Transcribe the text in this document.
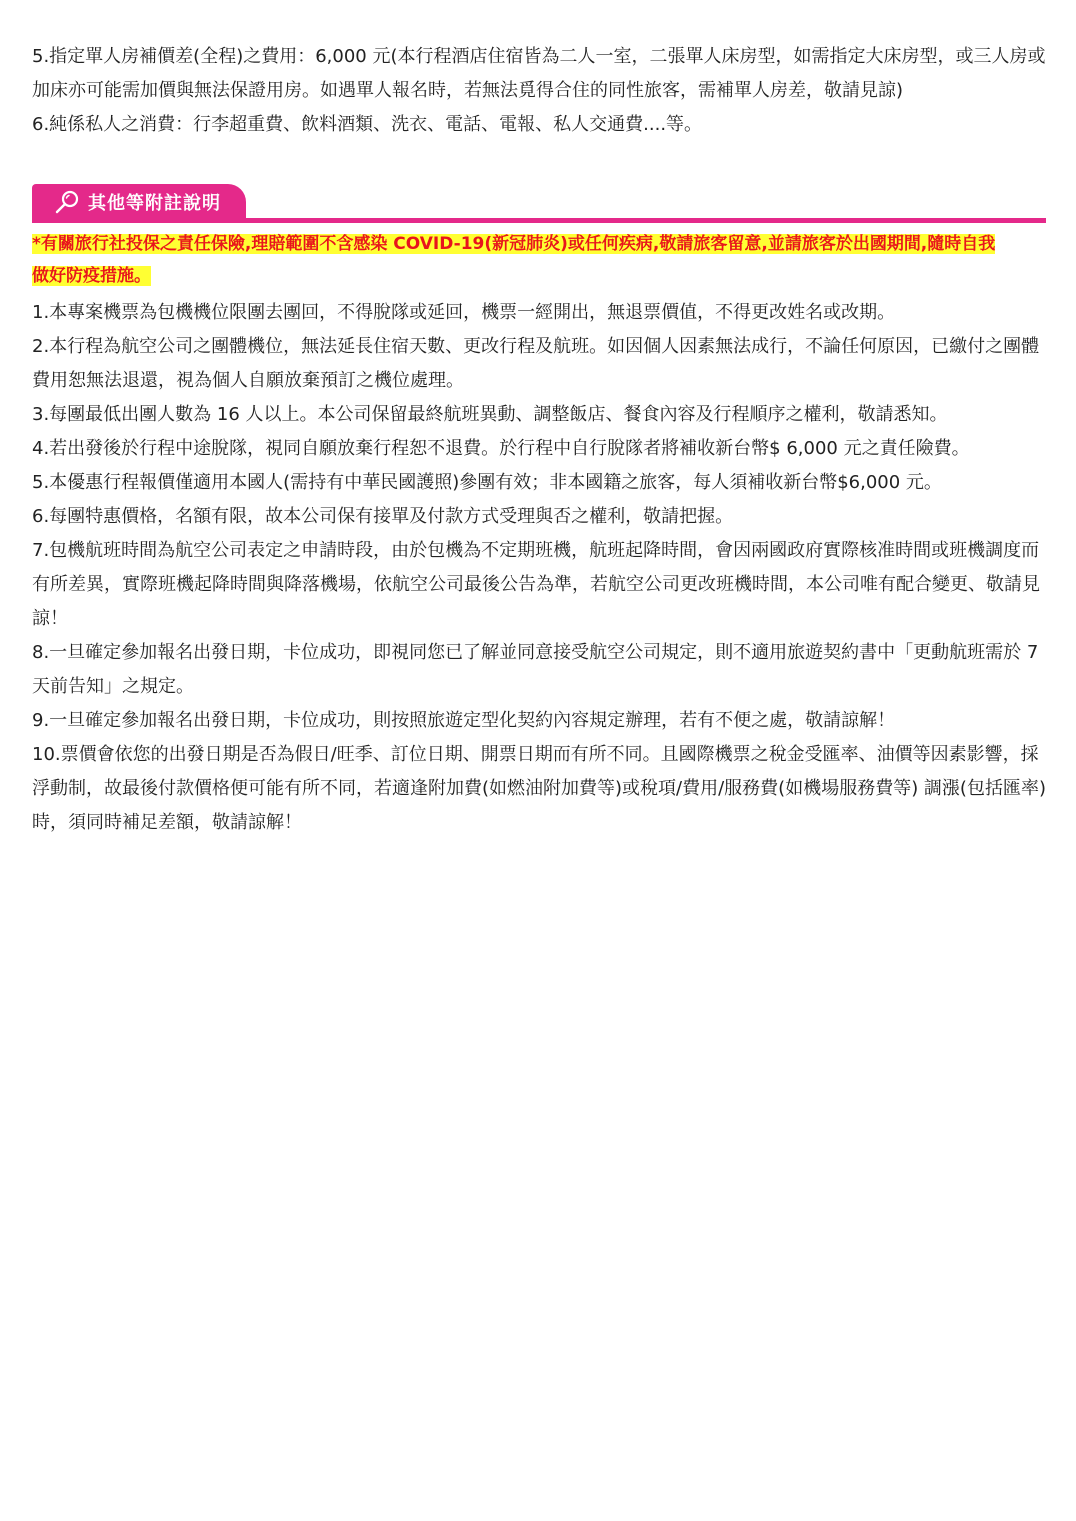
5.指定單人房補價差(全程)之費用：6,000 元(本行程酒店住宿皆為二人一室，二張單人床房型，如需指定大床房型，或三人房或加床亦可能需加價與無法保證用房。如遇單人報名時，若無法覓得合住的同性旅客，需補單人房差，敬請見諒)

6.純係私人之消費：行李超重費、飲料酒類、洗衣、電話、電報、私人交通費....等。

其他等附註說明

*有關旅行社投保之責任保險,理賠範圍不含感染 COVID-19(新冠肺炎)或任何疾病,敬請旅客留意,並請旅客於出國期間,隨時自我
做好防疫措施。

1.本專案機票為包機機位限團去團回，不得脫隊或延回，機票一經開出，無退票價值，不得更改姓名或改期。

2.本行程為航空公司之團體機位，無法延長住宿天數、更改行程及航班。如因個人因素無法成行，不論任何原因，已繳付之團體費用恕無法退還，視為個人自願放棄預訂之機位處理。

3.每團最低出團人數為 16 人以上。本公司保留最終航班異動、調整飯店、餐食內容及行程順序之權利，敬請悉知。

4.若出發後於行程中途脫隊，視同自願放棄行程恕不退費。於行程中自行脫隊者將補收新台幣$ 6,000 元之責任險費。

5.本優惠行程報價僅適用本國人(需持有中華民國護照)參團有效；非本國籍之旅客，每人須補收新台幣$6,000 元。

6.每團特惠價格，名額有限，故本公司保有接單及付款方式受理與否之權利，敬請把握。

7.包機航班時間為航空公司表定之申請時段，由於包機為不定期班機，航班起降時間，會因兩國政府實際核准時間或班機調度而有所差異，實際班機起降時間與降落機場，依航空公司最後公告為準，若航空公司更改班機時間，本公司唯有配合變更、敬請見諒！

8.一旦確定參加報名出發日期，卡位成功，即視同您已了解並同意接受航空公司規定，則不適用旅遊契約書中「更動航班需於 7 天前告知」之規定。

9.一旦確定參加報名出發日期，卡位成功，則按照旅遊定型化契約內容規定辦理，若有不便之處，敬請諒解！

10.票價會依您的出發日期是否為假日/旺季、訂位日期、開票日期而有所不同。且國際機票之稅金受匯率、油價等因素影響，採浮動制，故最後付款價格便可能有所不同，若適逢附加費(如燃油附加費等)或稅項/費用/服務費(如機場服務費等) 調漲(包括匯率)時，須同時補足差額，敬請諒解！
